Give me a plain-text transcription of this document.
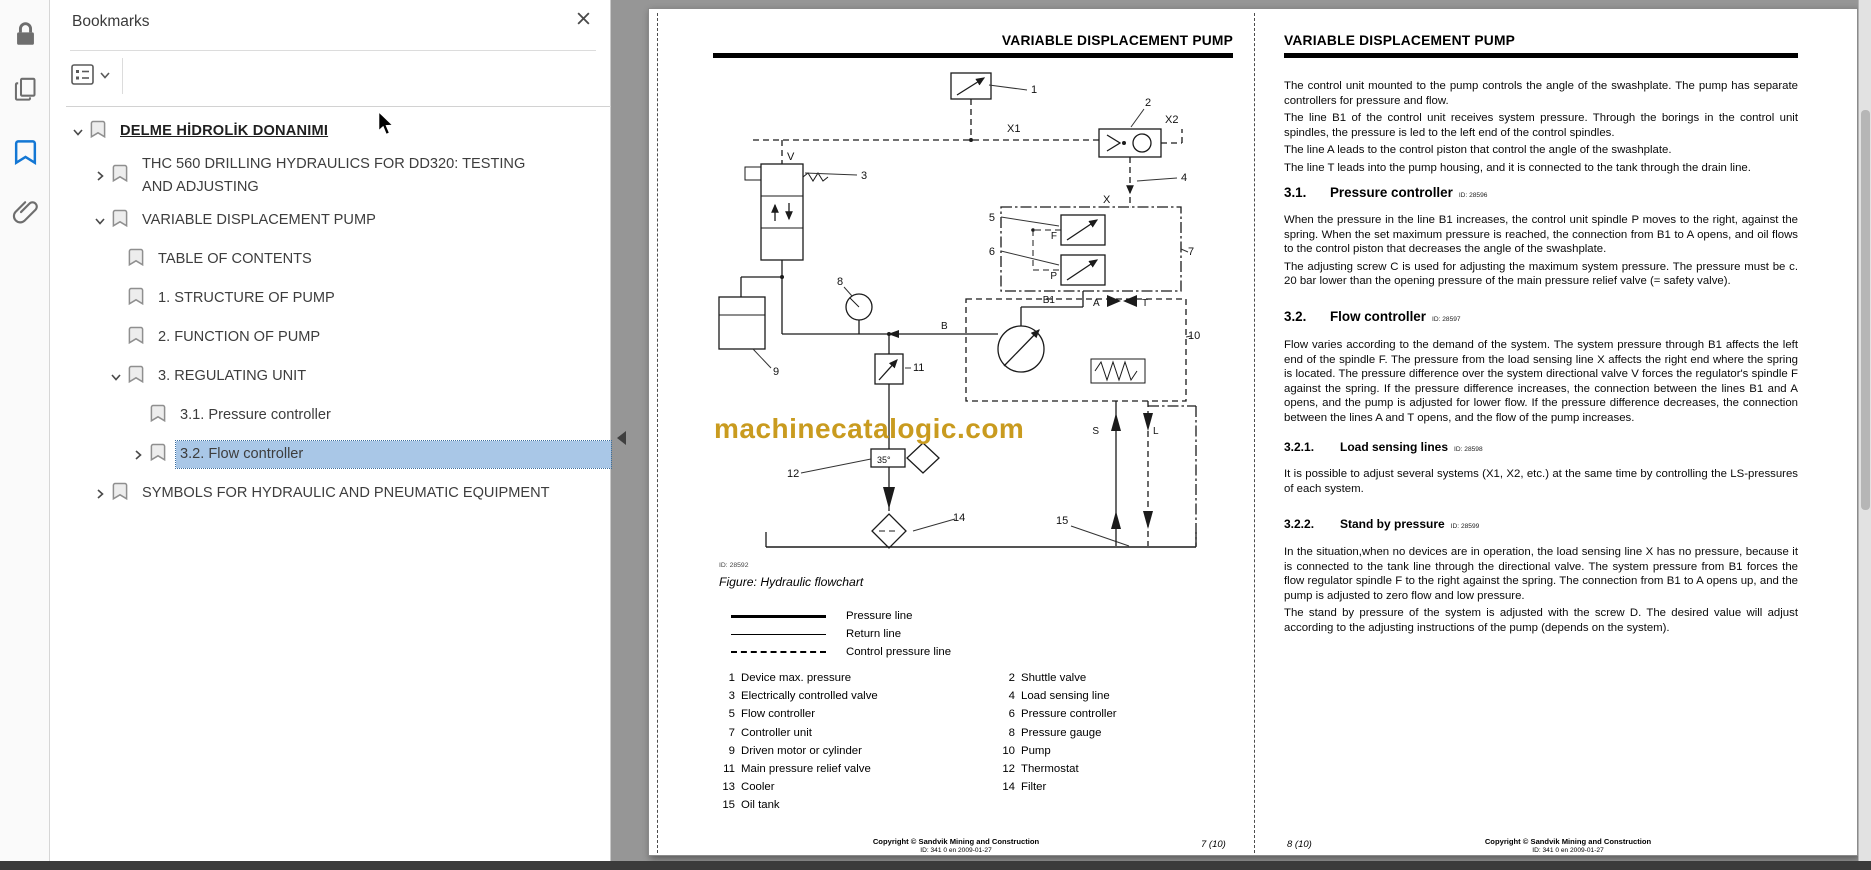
Bookmarks
DELME HİDROLİK DONANIMI
THC 560 DRILLING HYDRAULICS FOR DD320: TESTING
AND ADJUSTING
VARIABLE DISPLACEMENT PUMP
TABLE OF CONTENTS
1. STRUCTURE OF PUMP
2. FUNCTION OF PUMP
3. REGULATING UNIT
3.1. Pressure controller
3.2. Flow controller
SYMBOLS FOR HYDRAULIC AND PNEUMATIC EQUIPMENT
VARIABLE DISPLACEMENT PUMP
1
2
X1
X2
V
3	4
X
5
6	7
F
P
B1	A	T
8
B
9
10
11
12
35°
14	15
S	L
machinecatalogic.com
ID: 28592
Figure: Hydraulic flowchart
Pressure line
Return line
Control pressure line
1 Device max. pressure	2 Shuttle valve
3 Electrically controlled valve	4 Load sensing line
5 Flow controller	6 Pressure controller
7 Controller unit	8 Pressure gauge
9 Driven motor or cylinder	10 Pump
11 Main pressure relief valve	12 Thermostat
13 Cooler	14 Filter
15 Oil tank
Copyright © Sandvik Mining and Construction
ID: 341 0 en 2009-01-27
7 (10)
VARIABLE DISPLACEMENT PUMP

The control unit mounted to the pump controls the angle of the swashplate. The pump has separate controllers for pressure and flow.

The line B1 of the control unit receives system pressure. Through the borings in the control unit spindles, the pressure is led to the left end of the control spindles.

The line A leads to the control piston that control the angle of the swashplate.

The line T leads into the pump housing, and it is connected to the tank through the drain line.

3.1. Pressure controller ID: 28596

When the pressure in the line B1 increases, the control unit spindle P moves to the right, against the spring. When the set maximum pressure is reached, the connection from B1 to A opens, and oil flows to the control piston that decreases the angle of the swashplate.

The adjusting screw C is used for adjusting the maximum system pressure. The pressure must be c. 20 bar lower than the opening pressure of the main pressure relief valve (= safety valve).

3.2. Flow controller ID: 28597

Flow varies according to the demand of the system. The system pressure through B1 affects the left end of the spindle F. The pressure from the load sensing line X affects the right end where the spring is located. The pressure difference over the system directional valve V forces the regulator's spindle F against the spring. If the pressure difference increases, the connection between the lines B1 and A opens, and the pump is adjusted for lower flow. If the pressure difference decreases, the connection between the lines A and T opens, and the flow of the pump increases.

3.2.1. Load sensing lines ID: 28598

It is possible to adjust several systems (X1, X2, etc.) at the same time by controlling the LS-pressures of each system.

3.2.2. Stand by pressure ID: 28599

In the situation,when no devices are in operation, the load sensing line X has no pressure, because it is connected to the tank line through the directional valve. The system pressure from B1 forces the flow regulator spindle F to the right against the spring. The connection from B1 to A opens up, and the pump is adjusted to zero flow and low pressure.

The stand by pressure of the system is adjusted with the screw D. The desired value will adjust according to the adjusting instructions of the pump (depends on the system).

8 (10)	Copyright © Sandvik Mining and Construction
ID: 341 0 en 2009-01-27
